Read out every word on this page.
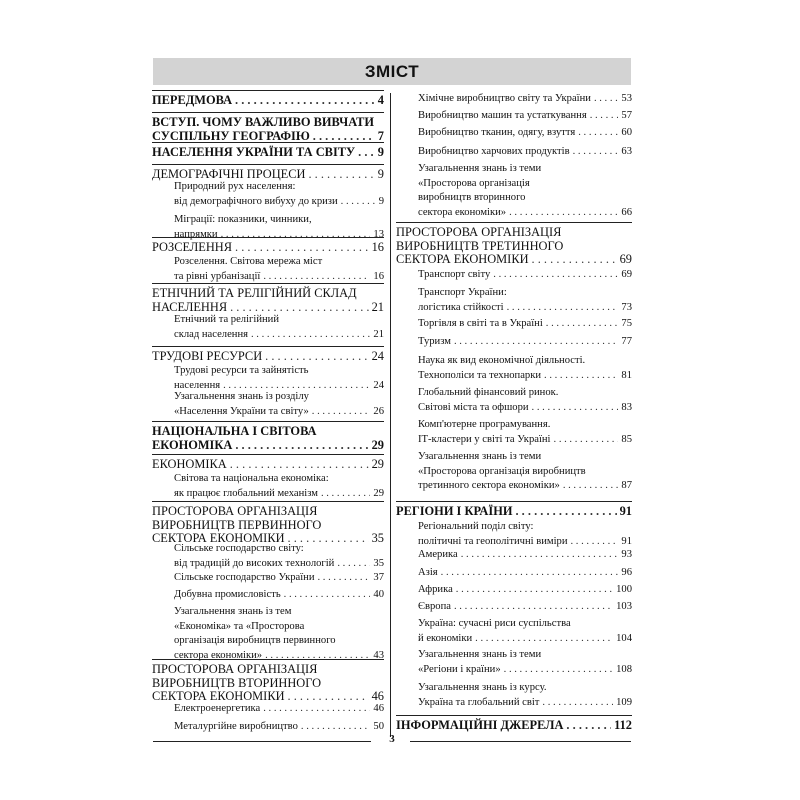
ЗМІСТ
ПЕРЕДМОВА . . .	4
ВСТУП. ЧОМУ ВАЖЛИВО ВИВЧАТИ
СУСПІЛЬНУ ГЕОГРАФІЮ . . .	7
НАСЕЛЕННЯ УКРАЇНИ ТА СВІТУ . . . 9
ДЕМОГРАФІЧНІ ПРОЦЕСИ . . .	9
Природний рух населення:
від демографічного вибуху до кризи . . .	9
Міграції: показники, чинники,
напрямки . . .	13
РОЗСЕЛЕННЯ . . .	16
Розселення. Світова мережа міст
та рівні урбанізації . . .	16
ЕТНІЧНИЙ ТА РЕЛІГІЙНИЙ СКЛАД
НАСЕЛЕННЯ . . .	21
Етнічний та релігійний
склад населення . . .	21
ТРУДОВІ РЕСУРСИ . . .	24
Трудові ресурси та зайнятість
населення . . .	24
Узагальнення знань із розділу
«Населення України та світу» . . .	26
НАЦІОНАЛЬНА І СВІТОВА
ЕКОНОМІКА . . .	29
ЕКОНОМІКА . . .	29
Світова та національна економіка:
як працює глобальний механізм . . .	29
ПРОСТОРОВА ОРГАНІЗАЦІЯ
ВИРОБНИЦТВ ПЕРВИННОГО
СЕКТОРА ЕКОНОМІКИ . . .	35
Сільське господарство світу:
від традицій до високих технологій . . .	35
Сільське господарство України . . .	37
Добувна промисловість . . .	40
Узагальнення знань із тем
«Економіка» та «Просторова
організація виробництв первинного
сектора економіки» . . .	43
ПРОСТОРОВА ОРГАНІЗАЦІЯ
ВИРОБНИЦТВ ВТОРИННОГО
СЕКТОРА ЕКОНОМІКИ . . .	46
Електроенергетика . . .	46
Металургійне виробництво . . .	50
Хімічне виробництво світу та України . . .	53
Виробництво машин та устаткування . . .	57
Виробництво тканин, одягу, взуття . . .	60
Виробництво харчових продуктів . . .	63
Узагальнення знань із теми
«Просторова організація
виробництв вторинного
сектора економіки» . . .	66
ПРОСТОРОВА ОРГАНІЗАЦІЯ
ВИРОБНИЦТВ ТРЕТИННОГО
СЕКТОРА ЕКОНОМІКИ . . .	69
Транспорт світу . . .	69
Транспорт України:
логістика стійкості . . .	73
Торгівля в світі та в Україні . . .	75
Туризм . . .	77
Наука як вид економічної діяльності.
Технополіси та технопарки . . .	81
Глобальний фінансовий ринок.
Світові міста та офшори . . .	83
Комп'ютерне програмування.
ІТ-кластери у світі та Україні . . .	85
Узагальнення знань із теми
«Просторова організація виробництв
третинного сектора економіки» . . .	87
РЕГІОНИ І КРАЇНИ . . .	91
Регіональний поділ світу:
політичні та геополітичні виміри . . .	91
Америка . . .	93
Азія . . .	96
Африка . . .	100
Європа . . .	103
Україна: сучасні риси суспільства
й економіки . . .	104
Узагальнення знань із теми
«Регіони і країни» . . .	108
Узагальнення знань із курсу.
Україна та глобальний світ . . .	109
ІНФОРМАЦІЙНІ ДЖЕРЕЛА . . .	112
3
